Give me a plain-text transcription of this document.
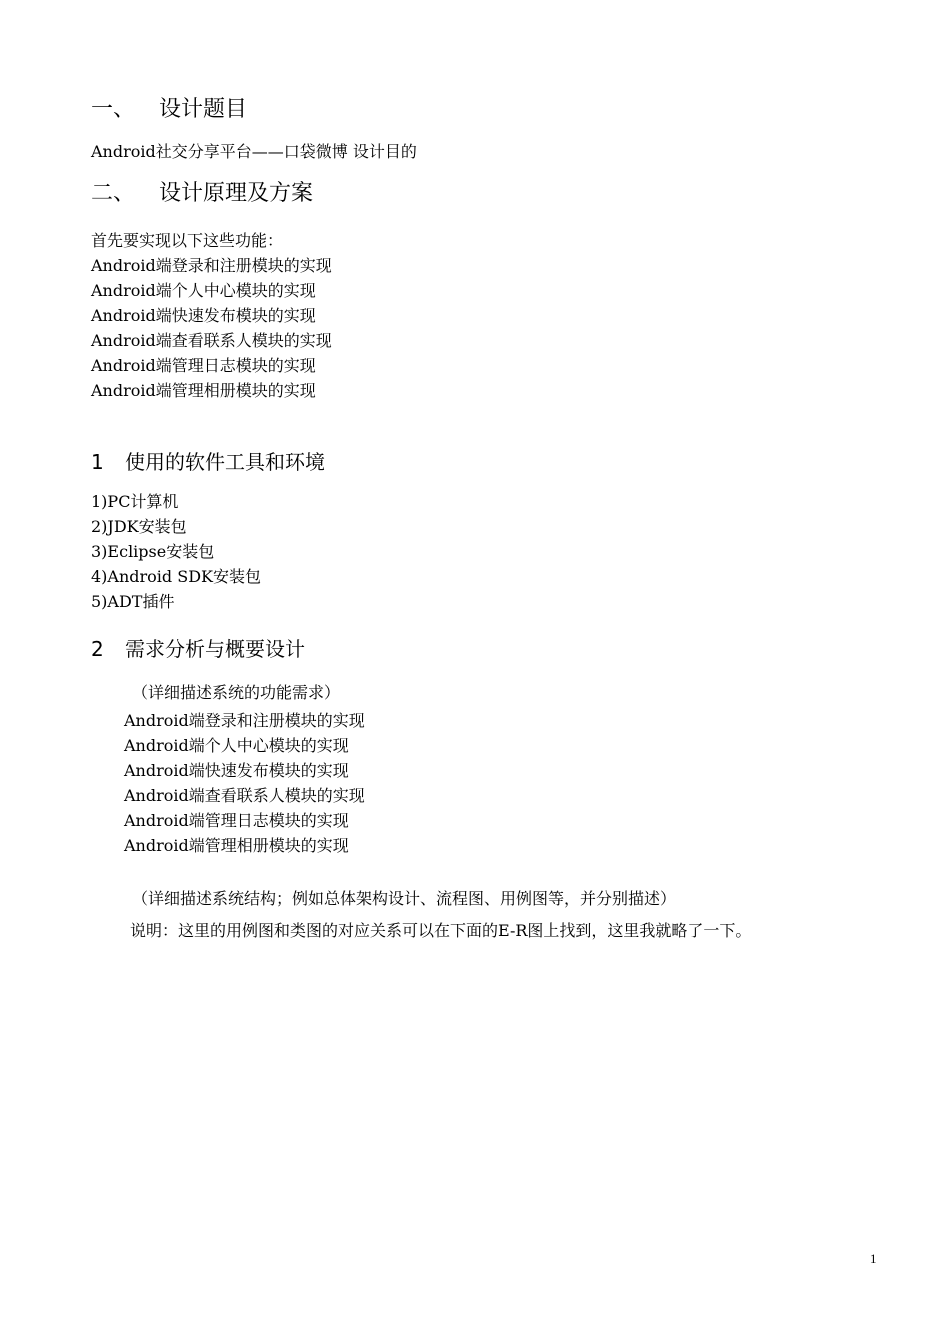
一、 设计题目
Android社交分享平台——口袋微博 设计目的
二、 设计原理及方案
首先要实现以下这些功能：
Android端登录和注册模块的实现
Android端个人中心模块的实现
Android端快速发布模块的实现
Android端查看联系人模块的实现
Android端管理日志模块的实现
Android端管理相册模块的实现
1 使用的软件工具和环境
1)PC计算机
2)JDK安装包
3)Eclipse安装包
4)Android SDK安装包
5)ADT插件
2 需求分析与概要设计
（详细描述系统的功能需求）
Android端登录和注册模块的实现
Android端个人中心模块的实现
Android端快速发布模块的实现
Android端查看联系人模块的实现
Android端管理日志模块的实现
Android端管理相册模块的实现
（详细描述系统结构；例如总体架构设计、流程图、用例图等，并分别描述）
说明：这里的用例图和类图的对应关系可以在下面的E-R图上找到，这里我就略了一下。
1
